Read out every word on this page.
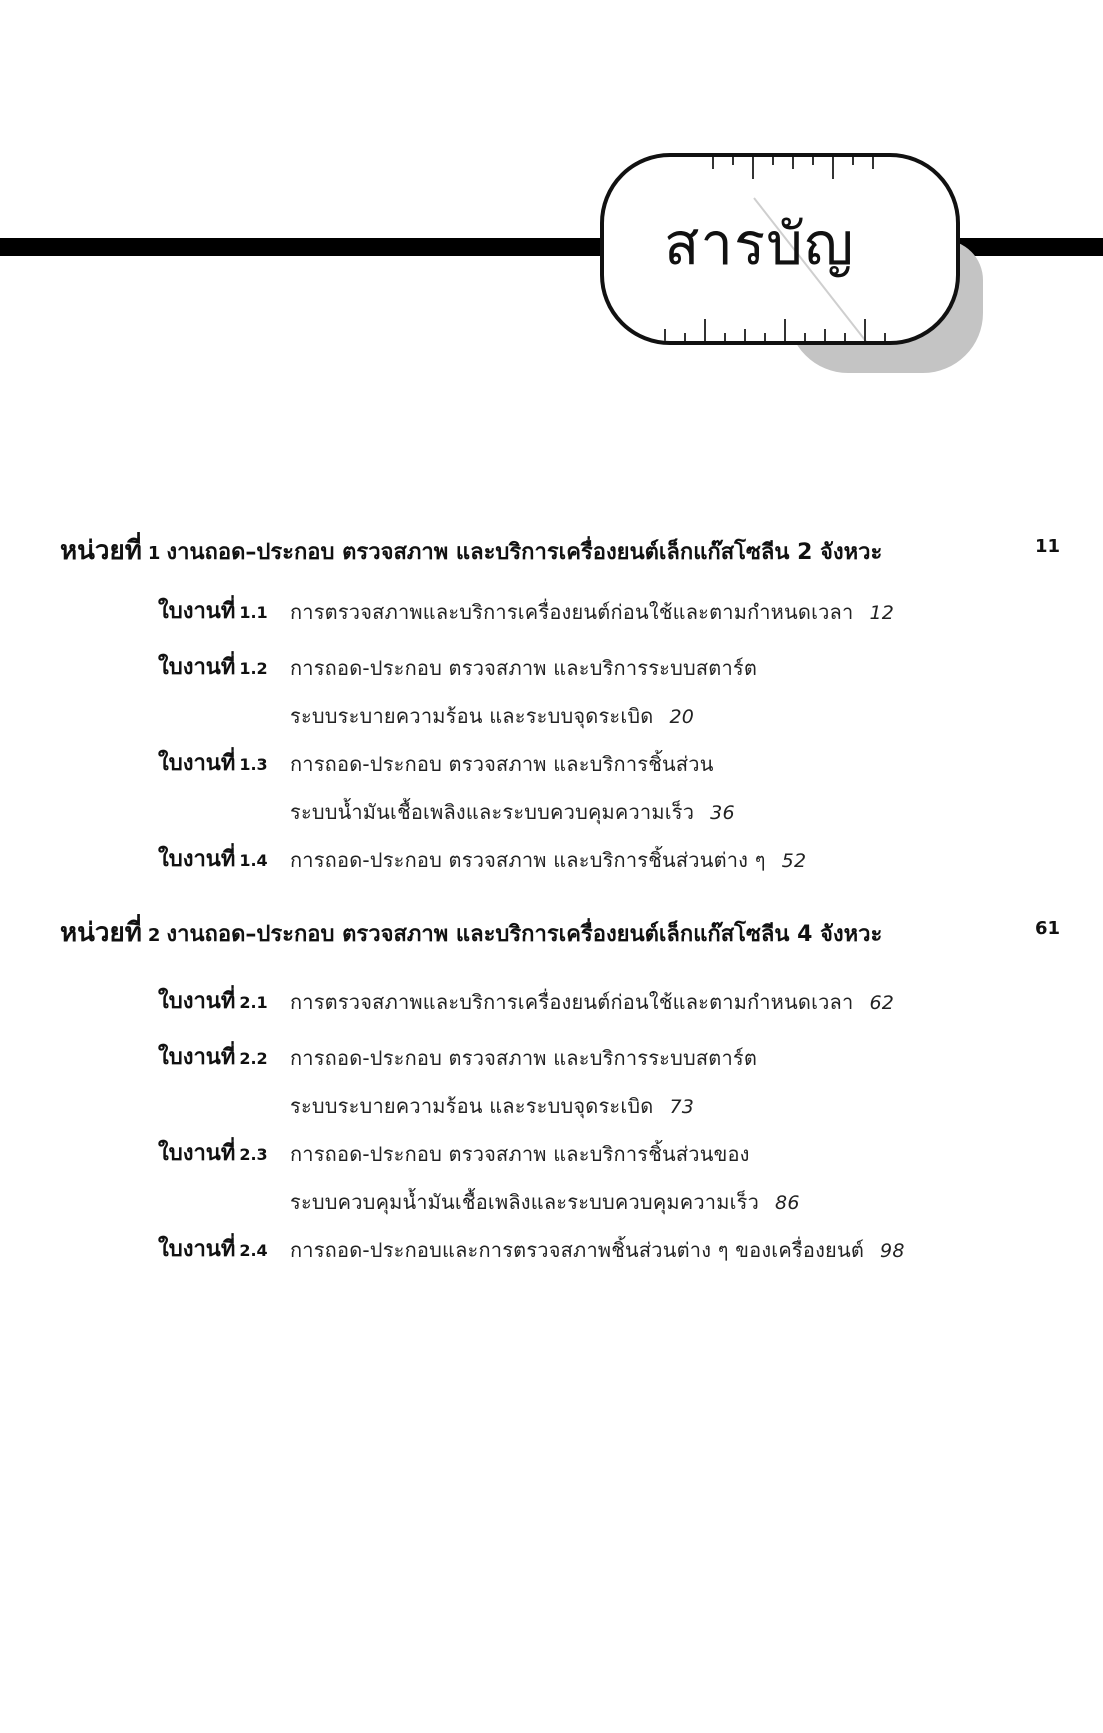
สารบัญ
หน่วยที่ 1 งานถอด–ประกอบ ตรวจสภาพ และบริการเครื่องยนต์เล็กแก๊สโซลีน 2 จังหวะ	11
ใบงานที่ 1.1 การตรวจสภาพและบริการเครื่องยนต์ก่อนใช้และตามกำหนดเวลา 12
ใบงานที่ 1.2 การถอด-ประกอบ ตรวจสภาพ และบริการระบบสตาร์ต
ระบบระบายความร้อน และระบบจุดระเบิด 20
ใบงานที่ 1.3 การถอด-ประกอบ ตรวจสภาพ และบริการชิ้นส่วน
ระบบน้ำมันเชื้อเพลิงและระบบควบคุมความเร็ว 36
ใบงานที่ 1.4 การถอด-ประกอบ ตรวจสภาพ และบริการชิ้นส่วนต่าง ๆ 52
หน่วยที่ 2 งานถอด–ประกอบ ตรวจสภาพ และบริการเครื่องยนต์เล็กแก๊สโซลีน 4 จังหวะ	61
ใบงานที่ 2.1 การตรวจสภาพและบริการเครื่องยนต์ก่อนใช้และตามกำหนดเวลา 62
ใบงานที่ 2.2 การถอด-ประกอบ ตรวจสภาพ และบริการระบบสตาร์ต
ระบบระบายความร้อน และระบบจุดระเบิด 73
ใบงานที่ 2.3 การถอด-ประกอบ ตรวจสภาพ และบริการชิ้นส่วนของ
ระบบควบคุมน้ำมันเชื้อเพลิงและระบบควบคุมความเร็ว 86
ใบงานที่ 2.4 การถอด-ประกอบและการตรวจสภาพชิ้นส่วนต่าง ๆ ของเครื่องยนต์ 98
